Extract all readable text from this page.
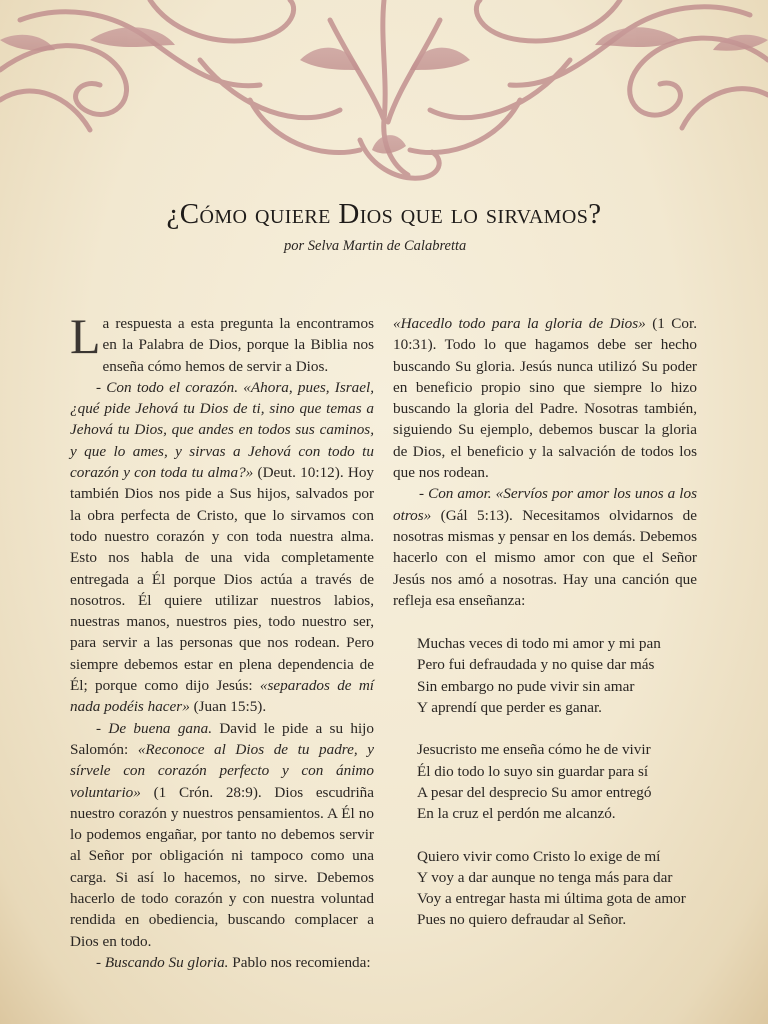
¿Cómo quiere Dios que lo sirvamos?

por Selva Martin de Calabretta

La respuesta a esta pregunta la encontramos en la Palabra de Dios, porque la Biblia nos enseña cómo hemos de servir a Dios.

- Con todo el corazón. «Ahora, pues, Israel, ¿qué pide Jehová tu Dios de ti, sino que temas a Jehová tu Dios, que andes en todos sus caminos, y que lo ames, y sirvas a Jehová con todo tu corazón y con toda tu alma?» (Deut. 10:12). Hoy también Dios nos pide a Sus hijos, salvados por la obra perfecta de Cristo, que lo sirvamos con todo nuestro corazón y con toda nuestra alma. Esto nos habla de una vida completamente entregada a Él porque Dios actúa a través de nosotros. Él quiere utilizar nuestros labios, nuestras manos, nuestros pies, todo nuestro ser, para servir a las personas que nos rodean. Pero siempre debemos estar en plena dependencia de Él; porque como dijo Jesús: «separados de mí nada podéis hacer» (Juan 15:5).

- De buena gana. David le pide a su hijo Salomón: «Reconoce al Dios de tu padre, y sírvele con corazón perfecto y con ánimo voluntario» (1 Crón. 28:9). Dios escudriña nuestro corazón y nuestros pensamientos. A Él no lo podemos engañar, por tanto no debemos servir al Señor por obligación ni tampoco como una carga. Si así lo hacemos, no sirve. Debemos hacerlo de todo corazón y con nuestra voluntad rendida en obediencia, buscando complacer a Dios en todo.

- Buscando Su gloria. Pablo nos recomienda:

«Hacedlo todo para la gloria de Dios» (1 Cor. 10:31). Todo lo que hagamos debe ser hecho buscando Su gloria. Jesús nunca utilizó Su poder en beneficio propio sino que siempre lo hizo buscando la gloria del Padre. Nosotras también, siguiendo Su ejemplo, debemos buscar la gloria de Dios, el beneficio y la salvación de todos los que nos rodean.

- Con amor. «Servíos por amor los unos a los otros» (Gál 5:13). Necesitamos olvidarnos de nosotras mismas y pensar en los demás. Debemos hacerlo con el mismo amor con que el Señor Jesús nos amó a nosotras. Hay una canción que refleja esa enseñanza:

Muchas veces di todo mi amor y mi pan
Pero fui defraudada y no quise dar más
Sin embargo no pude vivir sin amar
Y aprendí que perder es ganar.
Jesucristo me enseña cómo he de vivir
Él dio todo lo suyo sin guardar para sí
A pesar del desprecio Su amor entregó
En la cruz el perdón me alcanzó.
Quiero vivir como Cristo lo exige de mí
Y voy a dar aunque no tenga más para dar
Voy a entregar hasta mi última gota de amor
Pues no quiero defraudar al Señor.
